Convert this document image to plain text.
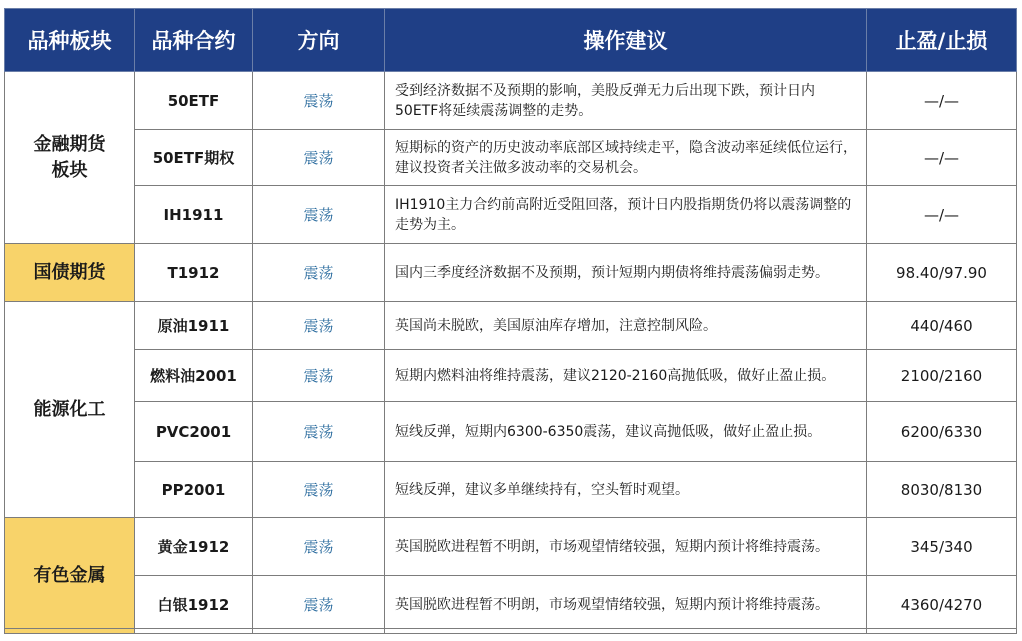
品种板块	品种合约	方向	操作建议	止盈/止损

金融期货
板块	50ETF	震荡	受到经济数据不及预期的影响，美股反弹无力后出现下跌，预计日内50ETF将延续震荡调整的走势。	—/—
	50ETF期权	震荡	短期标的资产的历史波动率底部区域持续走平，隐含波动率延续低位运行，建议投资者关注做多波动率的交易机会。	—/—
	IH1911	震荡	IH1910主力合约前高附近受阻回落，预计日内股指期货仍将以震荡调整的走势为主。	—/—

国债期货	T1912	震荡	国内三季度经济数据不及预期，预计短期内期债将维持震荡偏弱走势。	98.40/97.90

能源化工	原油1911	震荡	英国尚未脱欧，美国原油库存增加，注意控制风险。	440/460
	燃料油2001	震荡	短期内燃料油将维持震荡，建议2120-2160高抛低吸，做好止盈止损。	2100/2160
	PVC2001	震荡	短线反弹，短期内6300-6350震荡，建议高抛低吸，做好止盈止损。	6200/6330
	PP2001	震荡	短线反弹，建议多单继续持有，空头暂时观望。	8030/8130

有色金属	黄金1912	震荡	英国脱欧进程暂不明朗，市场观望情绪较强，短期内预计将维持震荡。	345/340
	白银1912	震荡	英国脱欧进程暂不明朗，市场观望情绪较强，短期内预计将维持震荡。	4360/4270
